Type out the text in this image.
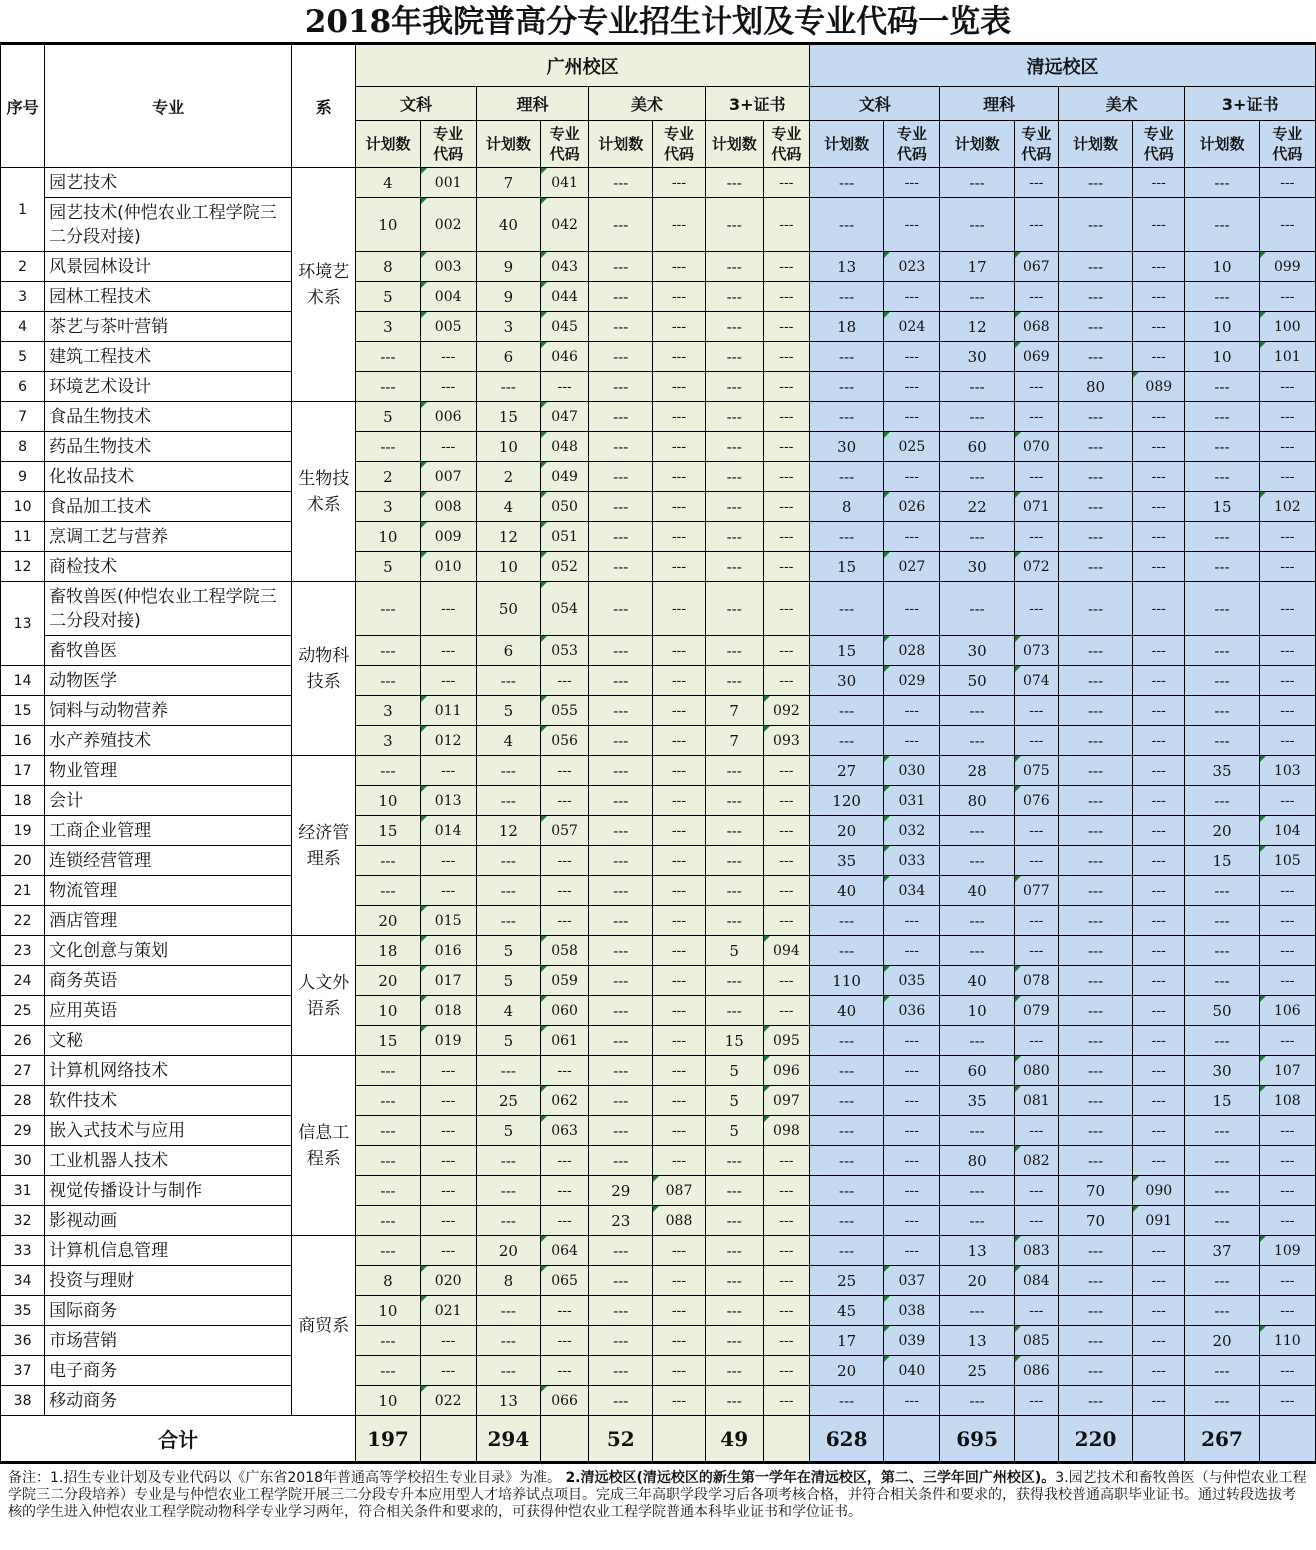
2018年我院普高分专业招生计划及专业代码一览表
序号	专业	系	广州校区								清远校区							
			文科		理科		美术		3+证书		文科		理科		美术		3+证书	
			计划数	专业代码	计划数	专业代码	计划数	专业代码	计划数	专业代码	计划数	专业代码	计划数	专业代码	计划数	专业代码	计划数	专业代码
1	园艺技术	环境艺术系	4	001	7	041	---	---	---	---	---	---	---	---	---	---	---	---
	园艺技术(仲恺农业工程学院三二分段对接)		10	002	40	042	---	---	---	---	---	---	---	---	---	---	---	---
2	风景园林设计		8	003	9	043	---	---	---	---	13	023	17	067	---	---	10	099
3	园林工程技术		5	004	9	044	---	---	---	---	---	---	---	---	---	---	---	---
4	茶艺与茶叶营销		3	005	3	045	---	---	---	---	18	024	12	068	---	---	10	100
5	建筑工程技术		---	---	6	046	---	---	---	---	---	---	30	069	---	---	10	101
6	环境艺术设计		---	---	---	---	---	---	---	---	---	---	---	---	80	089	---	---
7	食品生物技术	生物技术系	5	006	15	047	---	---	---	---	---	---	---	---	---	---	---	---
8	药品生物技术		---	---	10	048	---	---	---	---	30	025	60	070	---	---	---	---
9	化妆品技术		2	007	2	049	---	---	---	---	---	---	---	---	---	---	---	---
10	食品加工技术		3	008	4	050	---	---	---	---	8	026	22	071	---	---	15	102
11	烹调工艺与营养		10	009	12	051	---	---	---	---	---	---	---	---	---	---	---	---
12	商检技术		5	010	10	052	---	---	---	---	15	027	30	072	---	---	---	---
13	畜牧兽医(仲恺农业工程学院三二分段对接)	动物科技系	---	---	50	054	---	---	---	---	---	---	---	---	---	---	---	---
	畜牧兽医		---	---	6	053	---	---	---	---	15	028	30	073	---	---	---	---
14	动物医学		---	---	---	---	---	---	---	---	30	029	50	074	---	---	---	---
15	饲料与动物营养		3	011	5	055	---	---	7	092	---	---	---	---	---	---	---	---
16	水产养殖技术		3	012	4	056	---	---	7	093	---	---	---	---	---	---	---	---
17	物业管理	经济管理系	---	---	---	---	---	---	---	---	27	030	28	075	---	---	35	103
18	会计		10	013	---	---	---	---	---	---	120	031	80	076	---	---	---	---
19	工商企业管理		15	014	12	057	---	---	---	---	20	032	---	---	---	---	20	104
20	连锁经营管理		---	---	---	---	---	---	---	---	35	033	---	---	---	---	15	105
21	物流管理		---	---	---	---	---	---	---	---	40	034	40	077	---	---	---	---
22	酒店管理		20	015	---	---	---	---	---	---	---	---	---	---	---	---	---	---
23	文化创意与策划	人文外语系	18	016	5	058	---	---	5	094	---	---	---	---	---	---	---	---
24	商务英语		20	017	5	059	---	---	---	---	110	035	40	078	---	---	---	---
25	应用英语		10	018	4	060	---	---	---	---	40	036	10	079	---	---	50	106
26	文秘		15	019	5	061	---	---	15	095	---	---	---	---	---	---	---	---
27	计算机网络技术	信息工程系	---	---	---	---	---	---	5	096	---	---	60	080	---	---	30	107
28	软件技术		---	---	25	062	---	---	5	097	---	---	35	081	---	---	15	108
29	嵌入式技术与应用		---	---	5	063	---	---	5	098	---	---	---	---	---	---	---	---
30	工业机器人技术		---	---	---	---	---	---	---	---	---	---	80	082	---	---	---	---
31	视觉传播设计与制作		---	---	---	---	29	087	---	---	---	---	---	---	70	090	---	---
32	影视动画		---	---	---	---	23	088	---	---	---	---	---	---	70	091	---	---
33	计算机信息管理	商贸系	---	---	20	064	---	---	---	---	---	---	13	083	---	---	37	109
34	投资与理财		8	020	8	065	---	---	---	---	25	037	20	084	---	---	---	---
35	国际商务		10	021	---	---	---	---	---	---	45	038	---	---	---	---	---	---
36	市场营销		---	---	---	---	---	---	---	---	17	039	13	085	---	---	20	110
37	电子商务		---	---	---	---	---	---	---	---	20	040	25	086	---	---	---	---
38	移动商务		10	022	13	066	---	---	---	---	---	---	---	---	---	---	---	---
合计			197		294		52		49		628		695		220		267	
备注：1.招生专业计划及专业代码以《广东省2018年普通高等学校招生专业目录》为准。 2.清远校区(清远校区的新生第一学年在清远校区，第二、三学年回广州校区)。3.园艺技术和畜牧兽医（与仲恺农业工程学院三二分段培养）专业是与仲恺农业工程学院开展三二分段专升本应用型人才培养试点项目。完成三年高职学段学习后各项考核合格，并符合相关条件和要求的，获得我校普通高职毕业证书。通过转段选拔考核的学生进入仲恺农业工程学院动物科学专业学习两年，符合相关条件和要求的，可获得仲恺农业工程学院普通本科毕业证书和学位证书。
